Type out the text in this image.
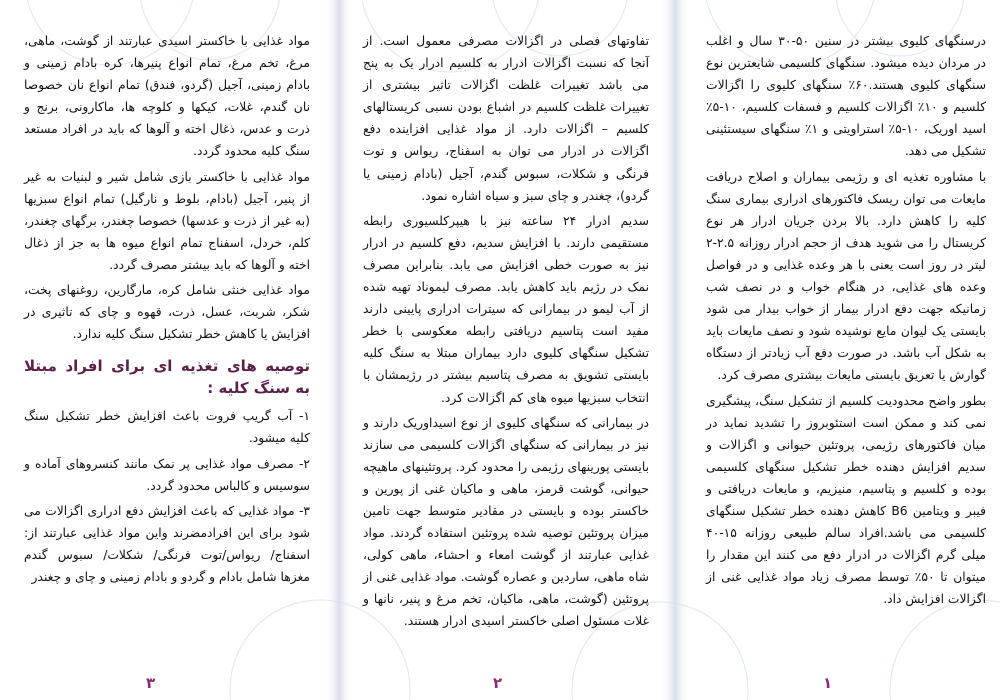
درسنگهای کلیوی بیشتر در سنین ۵۰-۳۰ سال و اغلب در مردان دیده میشود. سنگهای کلسیمی شایعترین نوع سنگهای کلیوی هستند.۶۰٪ سنگهای کلیوی را اگزالات کلسیم و ۱۰٪ اگزالات کلسیم و فسفات کلسیم، ۱۰-۵٪ اسید اوریک، ۱۰-۵٪ استراویتی و ۱٪ سنگهای سیستئینی تشکیل می دهد.

با مشاوره تغذیه ای و رژیمی بیماران و اصلاح دریافت مایعات می توان ریسک فاکتورهای ادراری بیماری سنگ کلیه را کاهش دارد. بالا بردن جریان ادرار هر نوع کریستال را می شوید هدف از حجم ادرار روزانه ۲.۵-۲ لیتر در روز است یعنی با هر وعده غذایی و در فواصل وعده های غذایی، در هنگام خواب و در نصف شب زمانیکه جهت دفع ادرار بیمار از خواب بیدار می شود بایستی یک لیوان مایع نوشیده شود و نصف مایعات باید به شکل آب باشد. در صورت دفع آب زیادتر از دستگاه گوارش یا تعریق بایستی مایعات بیشتری مصرف کرد.

بطور واضح محدودیت کلسیم از تشکیل سنگ، پیشگیری نمی کند و ممکن است استئوبروز را تشدید نماید در میان فاکتورهای رژیمی، پروتئین حیوانی و اگزالات و سدیم افزایش دهنده خطر تشکیل سنگهای کلسیمی بوده و کلسیم و پتاسیم، منیزیم، و مایعات دریافتی و فیبر و ویتامین B6 کاهش دهنده خطر تشکیل سنگهای کلسیمی می باشد.افراد سالم طبیعی روزانه ۱۵-۴۰ میلی گرم اگزالات در ادرار دفع می کنند این مقدار را میتوان تا ۵۰٪ توسط مصرف زیاد مواد غذایی غنی از اگزالات افزایش داد.

تفاوتهای فصلی در اگزالات مصرفی معمول است. از آنجا که نسبت اگزالات ادرار به کلسیم ادرار یک به پنج می باشد تغییرات غلظت اگزالات تاثیر بیشتری از تغییرات غلظت کلسیم در اشباع بودن نسبی کریستالهای کلسیم – اگزالات دارد. از مواد غذایی افزاینده دفع اگزالات در ادرار می توان به اسفناج، ریواس و توت فرنگی و شکلات، سبوس گندم، آجیل (بادام زمینی یا گردو)، چغندر و چای سبز و سیاه اشاره نمود.

سدیم ادرار ۲۴ ساعته نیز با هیپرکلسیوری رابطه مستقیمی دارند. با افزایش سدیم، دفع کلسیم در ادرار نیز به صورت خطی افزایش می یابد. بنابراین مصرف نمک در رژیم باید کاهش یابد. مصرف لیموناد تهیه شده از آب لیمو در بیمارانی که سیترات ادراری پایینی دارند مفید است پتاسیم دریافتی رابطه معکوسی با خطر تشکیل سنگهای کلیوی دارد بیماران مبتلا به سنگ کلیه بایستی تشویق به مصرف پتاسیم بیشتر در رژیمشان با انتخاب سبزیها میوه های کم اگزالات کرد.

در بیمارانی که سنگهای کلیوی از نوع اسیداوریک دارند و نیز در بیمارانی که سنگهای اگزالات کلسیمی می سازند بایستی پورینهای رژیمی را محدود کرد. پروتئینهای ماهیچه حیوانی، گوشت قرمز، ماهی و ماکیان غنی از پورین و خاکستر بوده و بایستی در مقادیر متوسط جهت تامین میزان پروتئین توصیه شده پروتئین استفاده گردند. مواد غذایی عبارتند از گوشت امعاء و احشاء، ماهی کولی، شاه ماهی، ساردین و عصاره گوشت. مواد غذایی غنی از پروتئین (گوشت، ماهی، ماکیان، تخم مرغ و پنیر، نانها و غلات مسئول اصلی خاکستر اسیدی ادرار هستند.

مواد غذایی با خاکستر اسیدی عبارتند از گوشت، ماهی، مرغ، تخم مرغ، تمام انواع پنیرها، کره بادام زمینی و بادام زمینی، آجیل (گردو، فندق) تمام انواع نان خصوصا نان گندم، غلات، کیکها و کلوچه ها، ماکارونی، برنج و ذرت و عدس، ذغال اخته و آلوها که باید در افراد مستعد سنگ کلیه محدود گردد.

مواد غذایی با خاکستر بازی شامل شیر و لبنیات به غیر از پنیر، آجیل (بادام، بلوط و نارگیل) تمام انواع سبزیها (به غیر از ذرت و عدسها) خصوصا چغندر، برگهای چغندر، کلم، خردل، اسفناج تمام انواع میوه ها به جز از ذغال اخته و آلوها که باید بیشتر مصرف گردد.

مواد غذایی خنثی شامل کره، مارگارین، روغنهای پخت، شکر، شربت، عسل، ذرت، قهوه و چای که تاثیری در افزایش یا کاهش خطر تشکیل سنگ کلیه ندارد.

توصیه های تغذیه ای برای افراد مبتلا به سنگ کلیه :

۱- آب گریپ فروت باعث افزایش خطر تشکیل سنگ کلیه میشود.

۲- مصرف مواد غذایی پر نمک مانند کنسروهای آماده و سوسیس و کالباس محدود گردد.

۳- مواد غذایی که باعث افزایش دفع ادراری اگزالات می شود برای این افرادمضرند واین مواد غذایی عبارتند از: اسفناج/ ریواس/توت فرنگی/ شکلات/ سبوس گندم مغزها شامل بادام و گردو و بادام زمینی و چای و چغندر

۱
۲
۳
